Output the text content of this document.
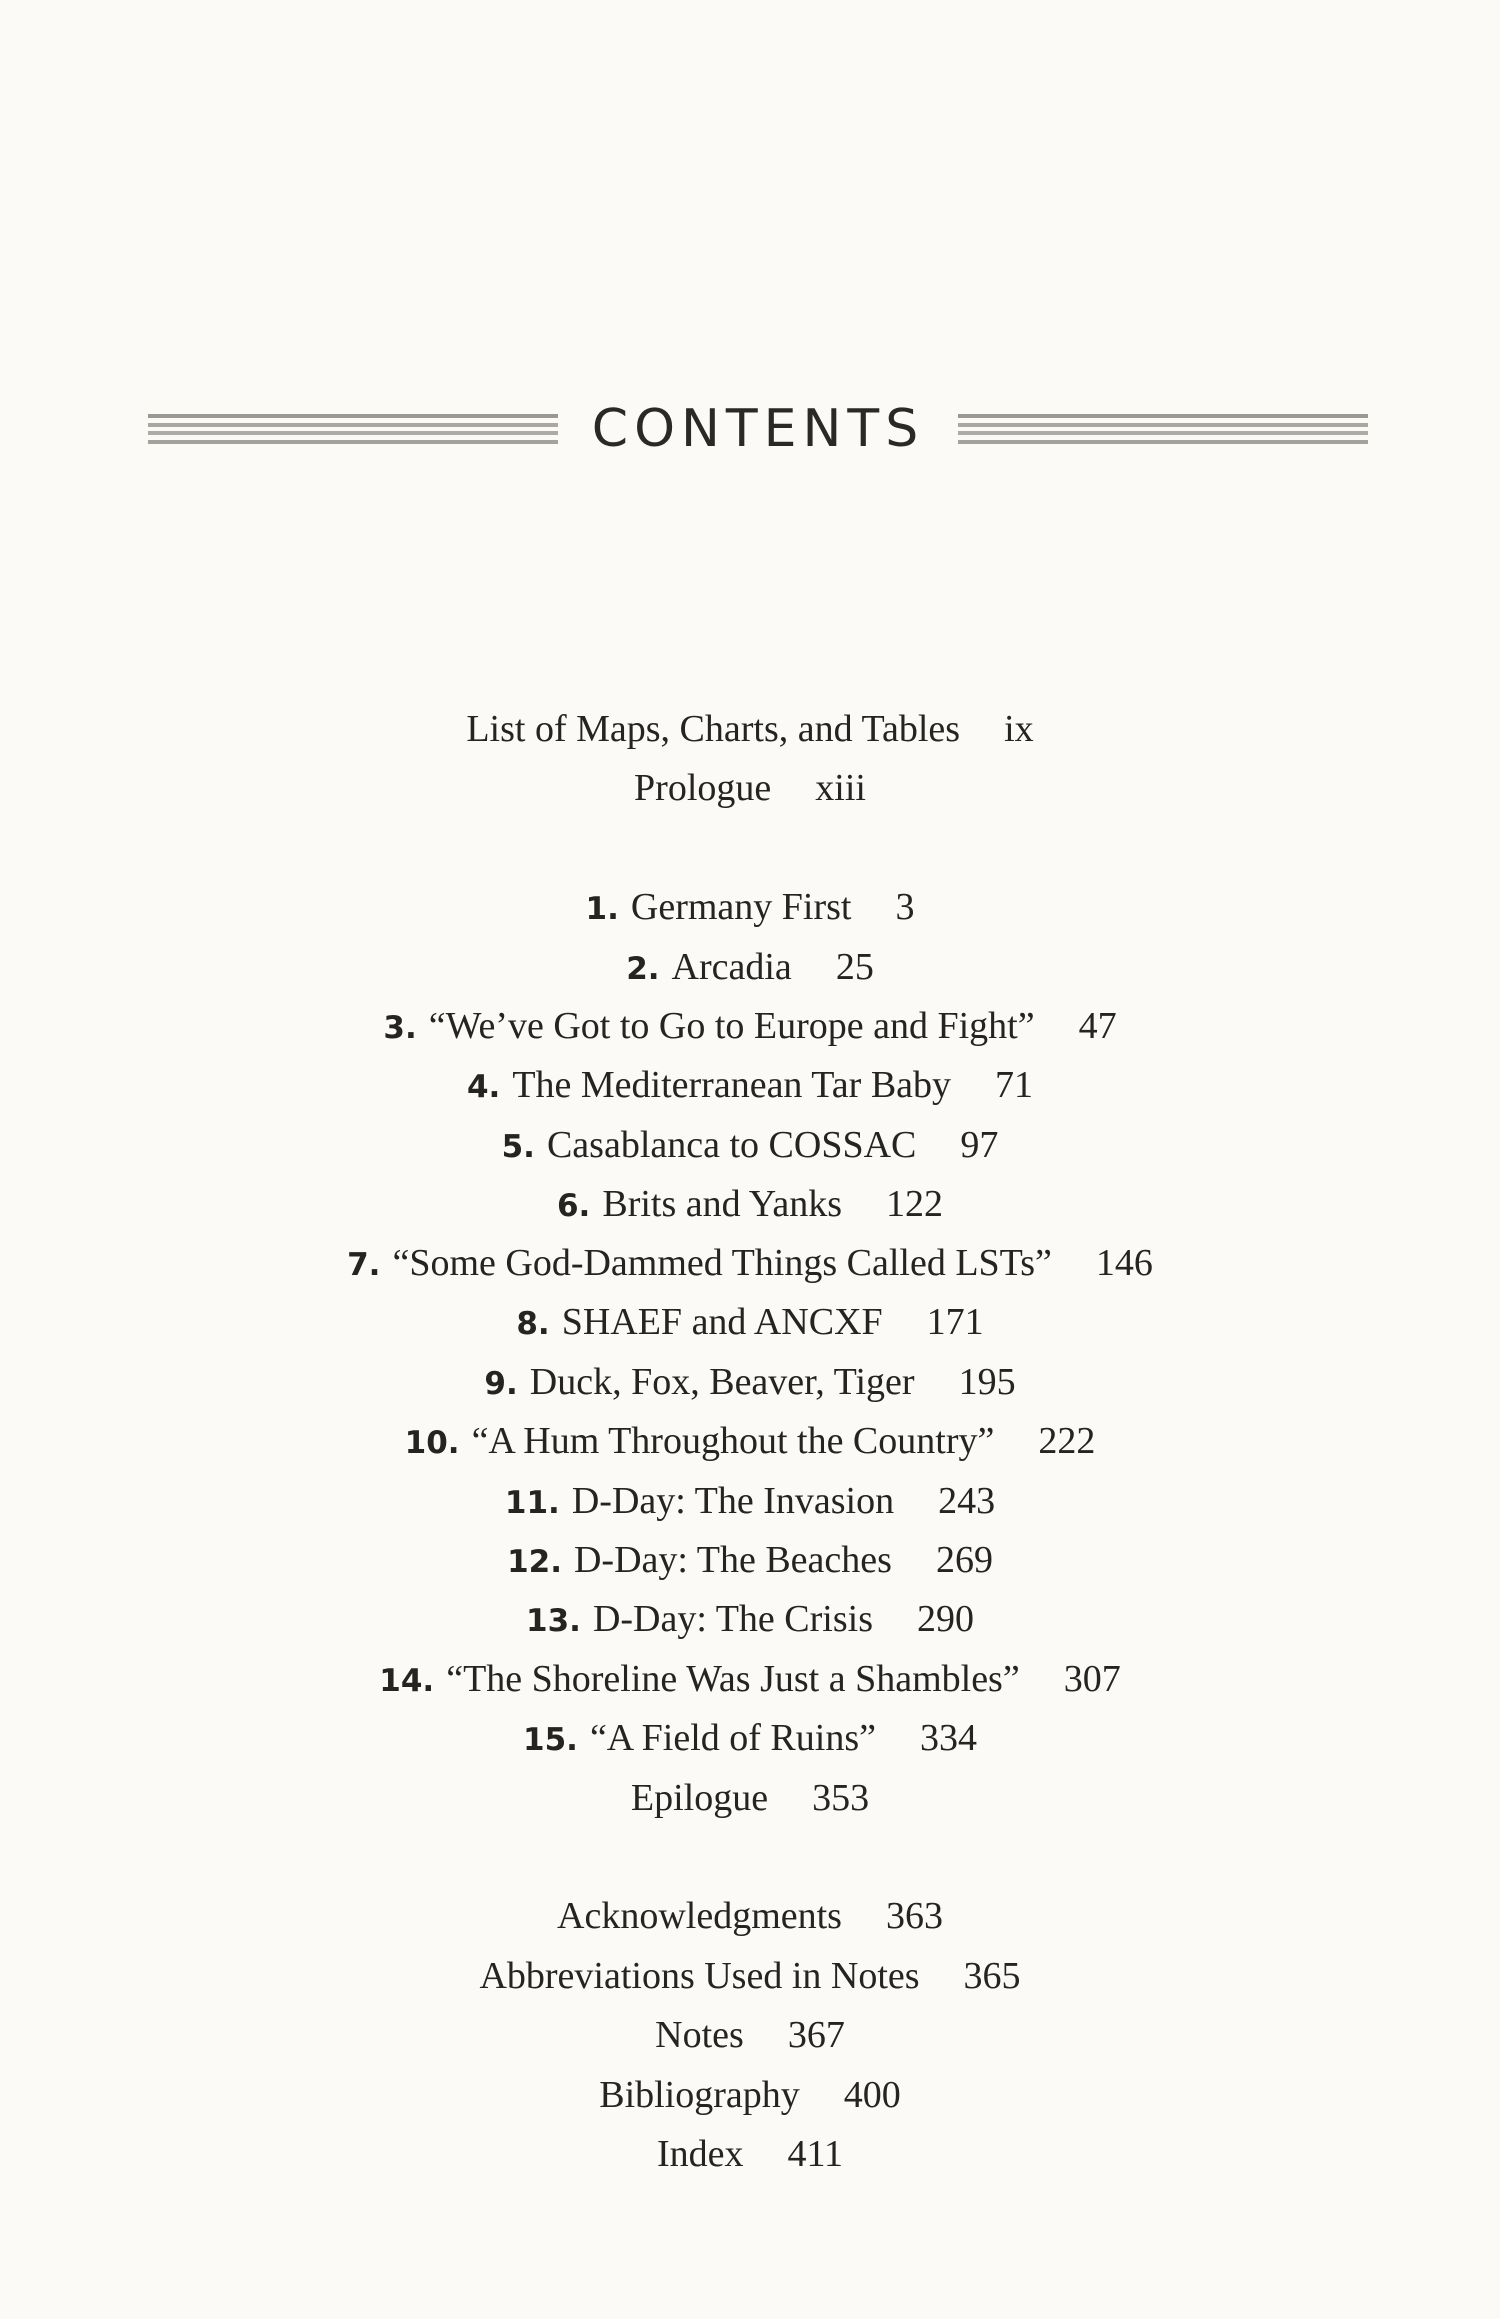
CONTENTS
List of Maps, Charts, and Tables ix
Prologue xiii
1. Germany First 3
2. Arcadia 25
3. “We’ve Got to Go to Europe and Fight” 47
4. The Mediterranean Tar Baby 71
5. Casablanca to COSSAC 97
6. Brits and Yanks 122
7. “Some God-Dammed Things Called LSTs” 146
8. SHAEF and ANCXF 171
9. Duck, Fox, Beaver, Tiger 195
10. “A Hum Throughout the Country” 222
11. D-Day: The Invasion 243
12. D-Day: The Beaches 269
13. D-Day: The Crisis 290
14. “The Shoreline Was Just a Shambles” 307
15. “A Field of Ruins” 334
Epilogue 353
Acknowledgments 363
Abbreviations Used in Notes 365
Notes 367
Bibliography 400
Index 411
